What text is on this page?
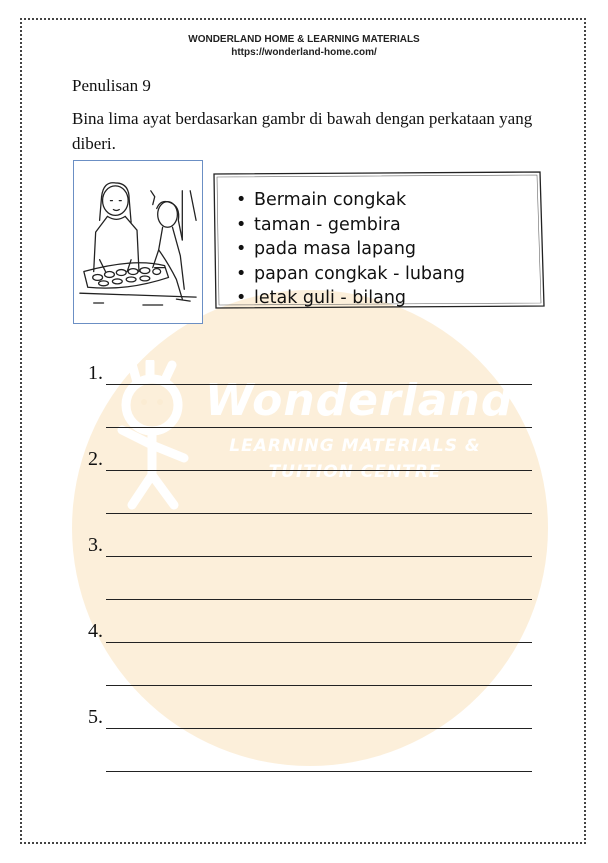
Wonderland
LEARNING MATERIALS &
TUITION CENTRE
WONDERLAND HOME & LEARNING MATERIALS
https://wonderland-home.com/
Penulisan 9
Bina lima ayat berdasarkan gambr di bawah dengan perkataan yang diberi.
• Bermain congkak
• taman - gembira
• pada masa lapang
• papan congkak - lubang
• letak guli - bilang
1.
2.
3.
4.
5.
